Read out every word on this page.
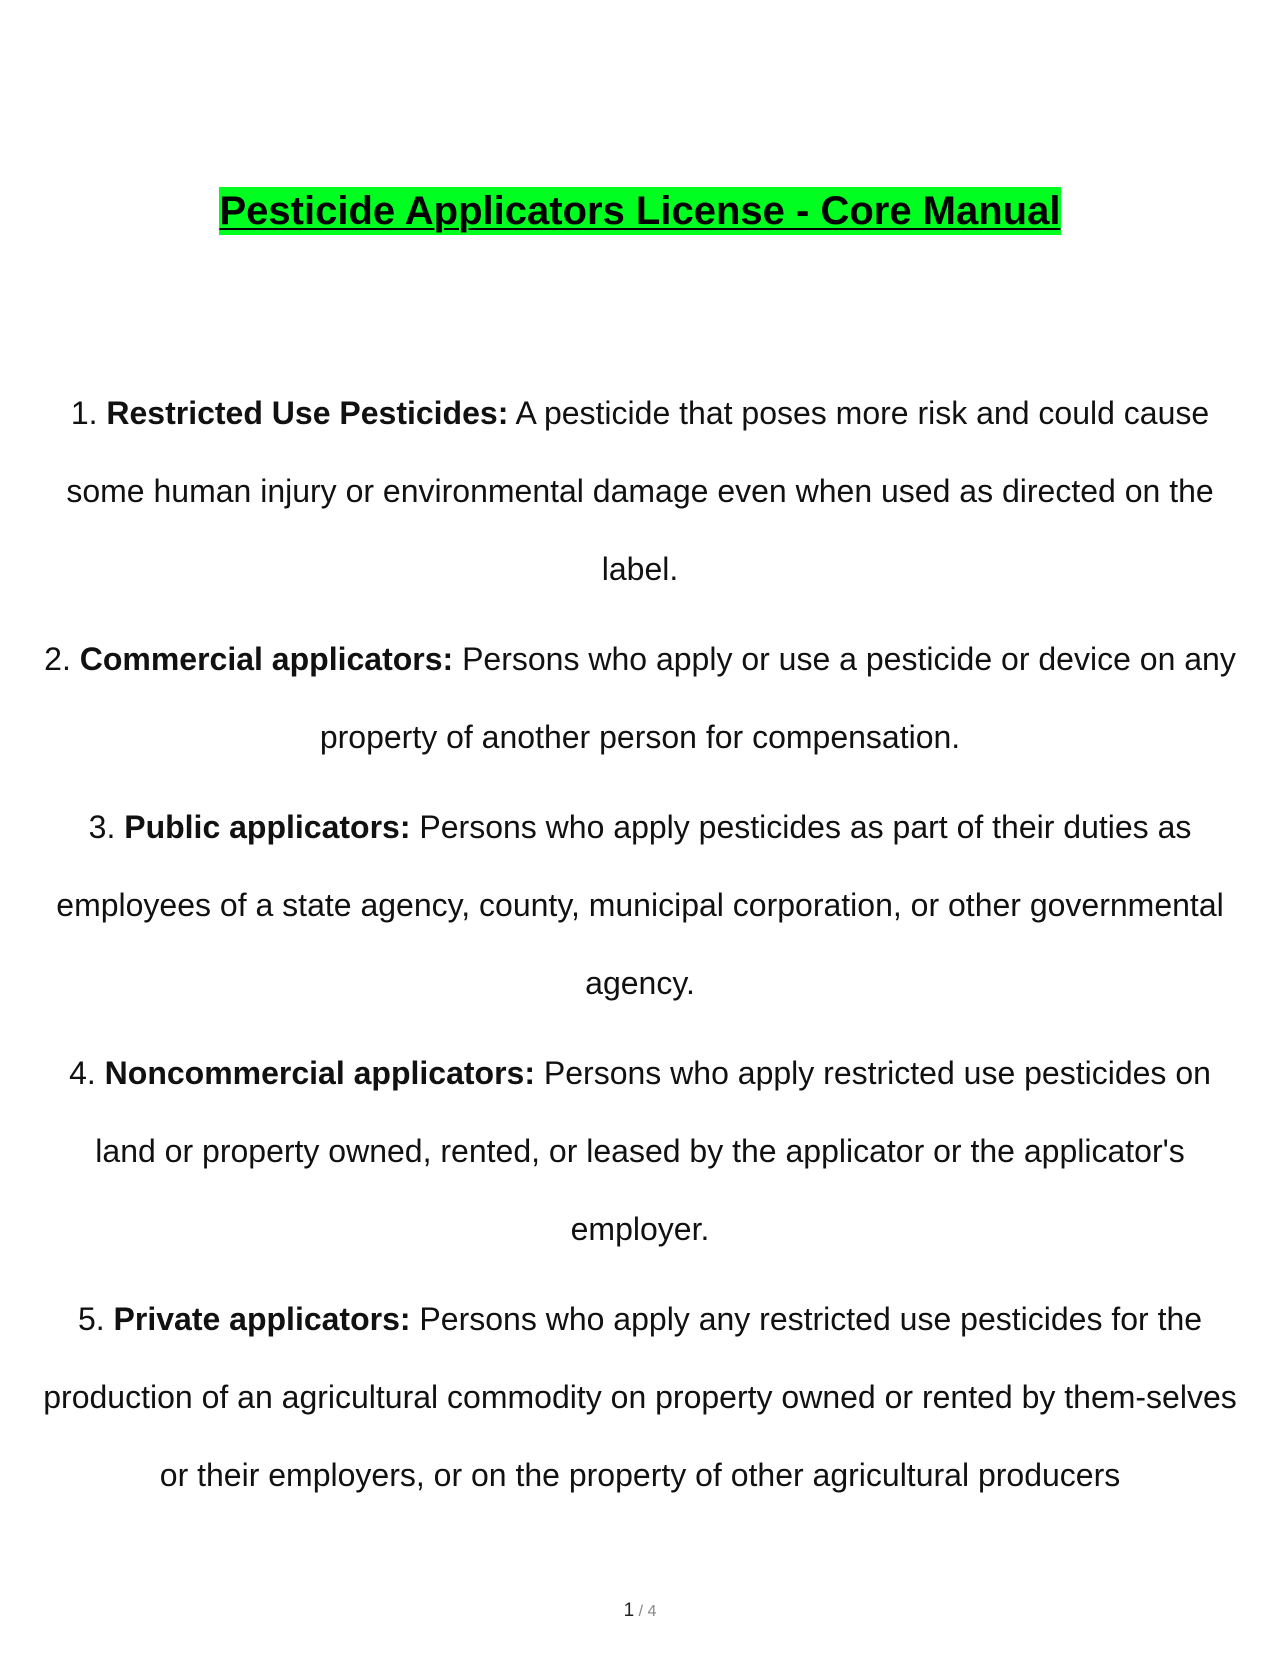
Pesticide Applicators License - Core Manual
1. Restricted Use Pesticides: A pesticide that poses more risk and could cause some human injury or environmental damage even when used as directed on the label.
2. Commercial applicators: Persons who apply or use a pesticide or device on any property of another person for compensation.
3. Public applicators: Persons who apply pesticides as part of their duties as employees of a state agency, county, municipal corporation, or other governmental agency.
4. Noncommercial applicators: Persons who apply restricted use pesticides on land or property owned, rented, or leased by the applicator or the applicator's employer.
5. Private applicators: Persons who apply any restricted use pesticides for the production of an agricultural commodity on property owned or rented by them-selves or their employers, or on the property of other agricultural producers
1 / 4
